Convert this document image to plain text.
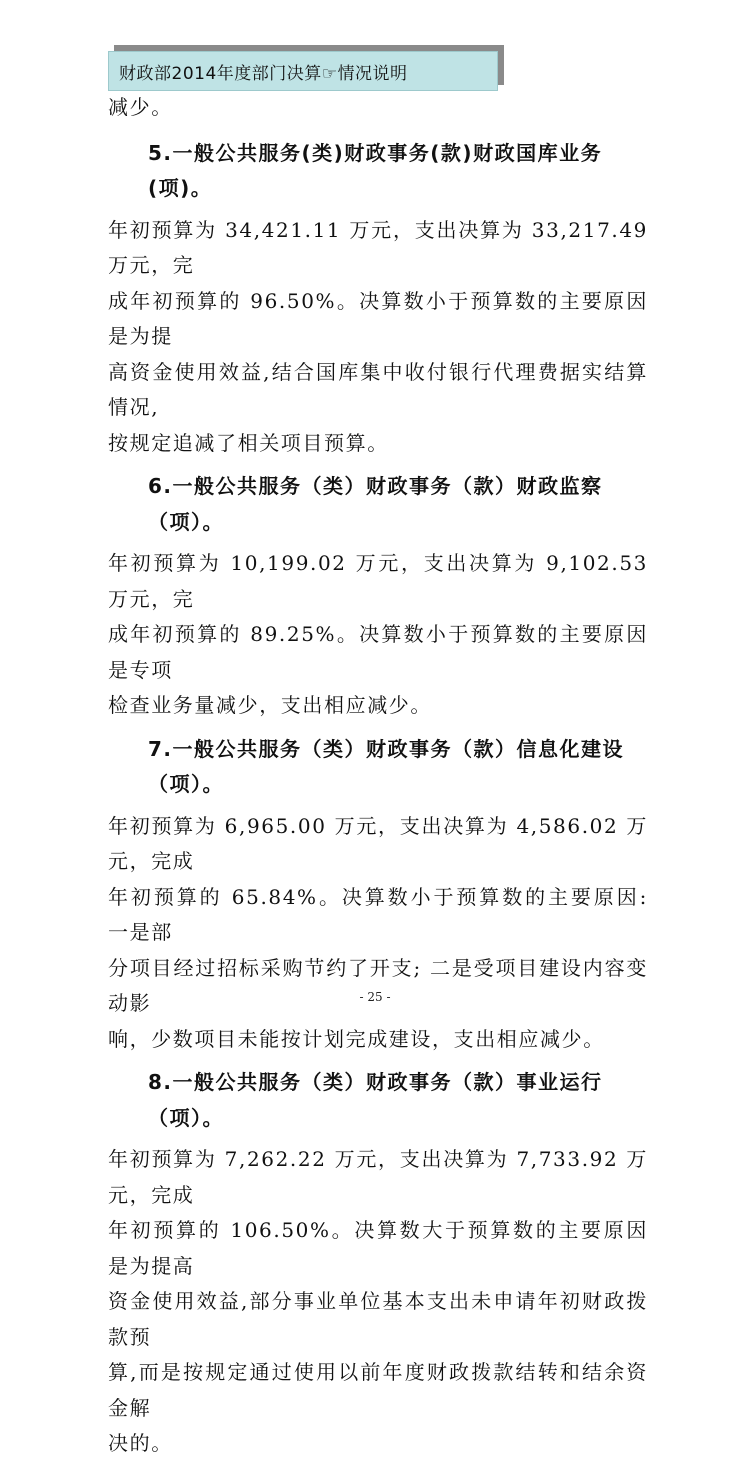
财政部2014年度部门决算☞情况说明

减少。

5.一般公共服务(类)财政事务(款)财政国库业务(项)。

年初预算为 34,421.11 万元，支出决算为 33,217.49 万元，完

成年初预算的 96.50%。决算数小于预算数的主要原因是为提

高资金使用效益,结合国库集中收付银行代理费据实结算情况,

按规定追减了相关项目预算。

6.一般公共服务（类）财政事务（款）财政监察（项）。

年初预算为 10,199.02 万元，支出决算为 9,102.53 万元，完

成年初预算的 89.25%。决算数小于预算数的主要原因是专项

检查业务量减少，支出相应减少。

7.一般公共服务（类）财政事务（款）信息化建设（项）。

年初预算为 6,965.00 万元，支出决算为 4,586.02 万元，完成

年初预算的 65.84%。决算数小于预算数的主要原因: 一是部

分项目经过招标采购节约了开支; 二是受项目建设内容变动影

响，少数项目未能按计划完成建设，支出相应减少。

8.一般公共服务（类）财政事务（款）事业运行（项）。

年初预算为 7,262.22 万元，支出决算为 7,733.92 万元，完成

年初预算的 106.50%。决算数大于预算数的主要原因是为提高

资金使用效益,部分事业单位基本支出未申请年初财政拨款预

算,而是按规定通过使用以前年度财政拨款结转和结余资金解

决的。

- 25 -
